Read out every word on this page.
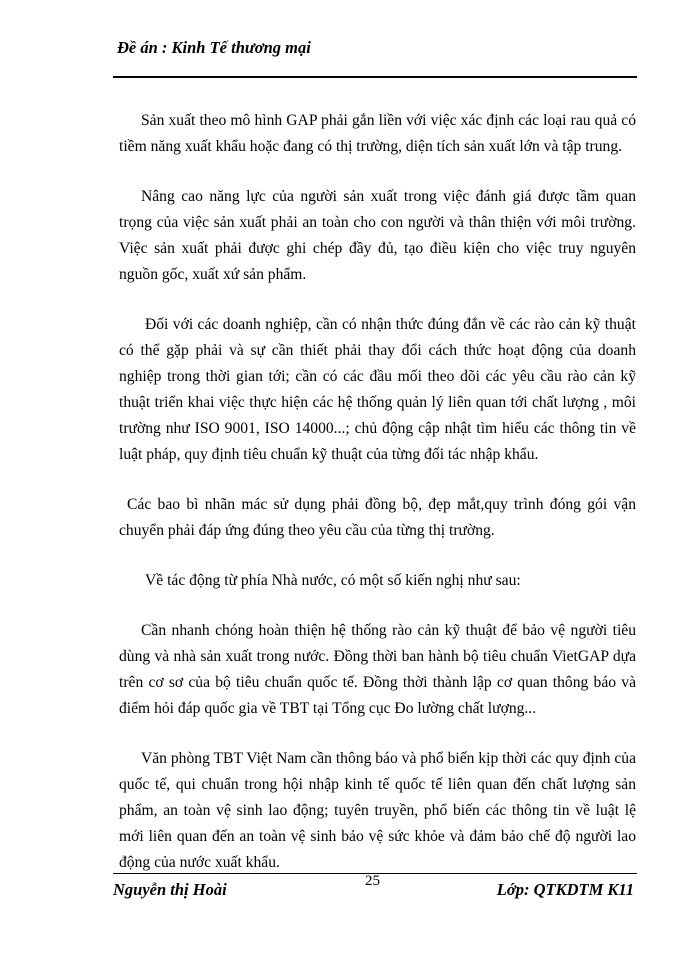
Đề án : Kinh Tế thương mại

Sản xuất theo mô hình GAP phải gắn liền với việc xác định các loại rau quả có tiềm năng xuất khẩu hoặc đang có thị trường, diện tích sản xuất lớn và tập trung.

Nâng cao năng lực của người sản xuất trong việc đánh giá được tầm quan trọng của việc sản xuất phải an toàn cho con người và thân thiện với môi trường. Việc sản xuất phải được ghi chép đầy đủ, tạo điều kiện cho việc truy nguyên nguồn gốc, xuất xứ sản phẩm.

Đối với các doanh nghiệp, cần có nhận thức đúng đắn về các rào cản kỹ thuật có thể gặp phải và sự cần thiết phải thay đổi cách thức hoạt động của doanh nghiệp trong thời gian tới; cần có các đầu mối theo dõi các yêu cầu rào cản kỹ thuật triển khai việc thực hiện các hệ thống quản lý liên quan tới chất lượng , môi trường như ISO 9001, ISO 14000...; chủ động cập nhật tìm hiểu các thông tin về luật pháp, quy định tiêu chuẩn kỹ thuật của từng đối tác nhập khẩu.

Các bao bì nhãn mác sử dụng phải đồng bộ, đẹp mắt,quy trình đóng gói vận chuyển phải đáp ứng đúng theo yêu cầu của từng thị trường.

Về tác động từ phía Nhà nước, có một số kiến nghị như sau:

Cần nhanh chóng hoàn thiện hệ thống rào cản kỹ thuật để bảo vệ người tiêu dùng và nhà sản xuất trong nước. Đồng thời ban hành bộ tiêu chuẩn VietGAP dựa trên cơ sơ của bộ tiêu chuẩn quốc tế. Đồng thời thành lập cơ quan thông báo và điểm hỏi đáp quốc gia về TBT tại Tổng cục Đo lường chất lượng...

Văn phòng TBT Việt Nam cần thông báo và phổ biến kịp thời các quy định của quốc tế, qui chuẩn trong hội nhập kinh tế quốc tế liên quan đến chất lượng sản phẩm, an toàn vệ sinh lao động; tuyên truyền, phổ biến các thông tin về luật lệ mới liên quan đến an toàn vệ sinh bảo vệ sức khỏe và đảm bảo chế độ người lao động của nước xuất khẩu.

Nguyễn thị Hoài	25	Lớp: QTKDTM K11
